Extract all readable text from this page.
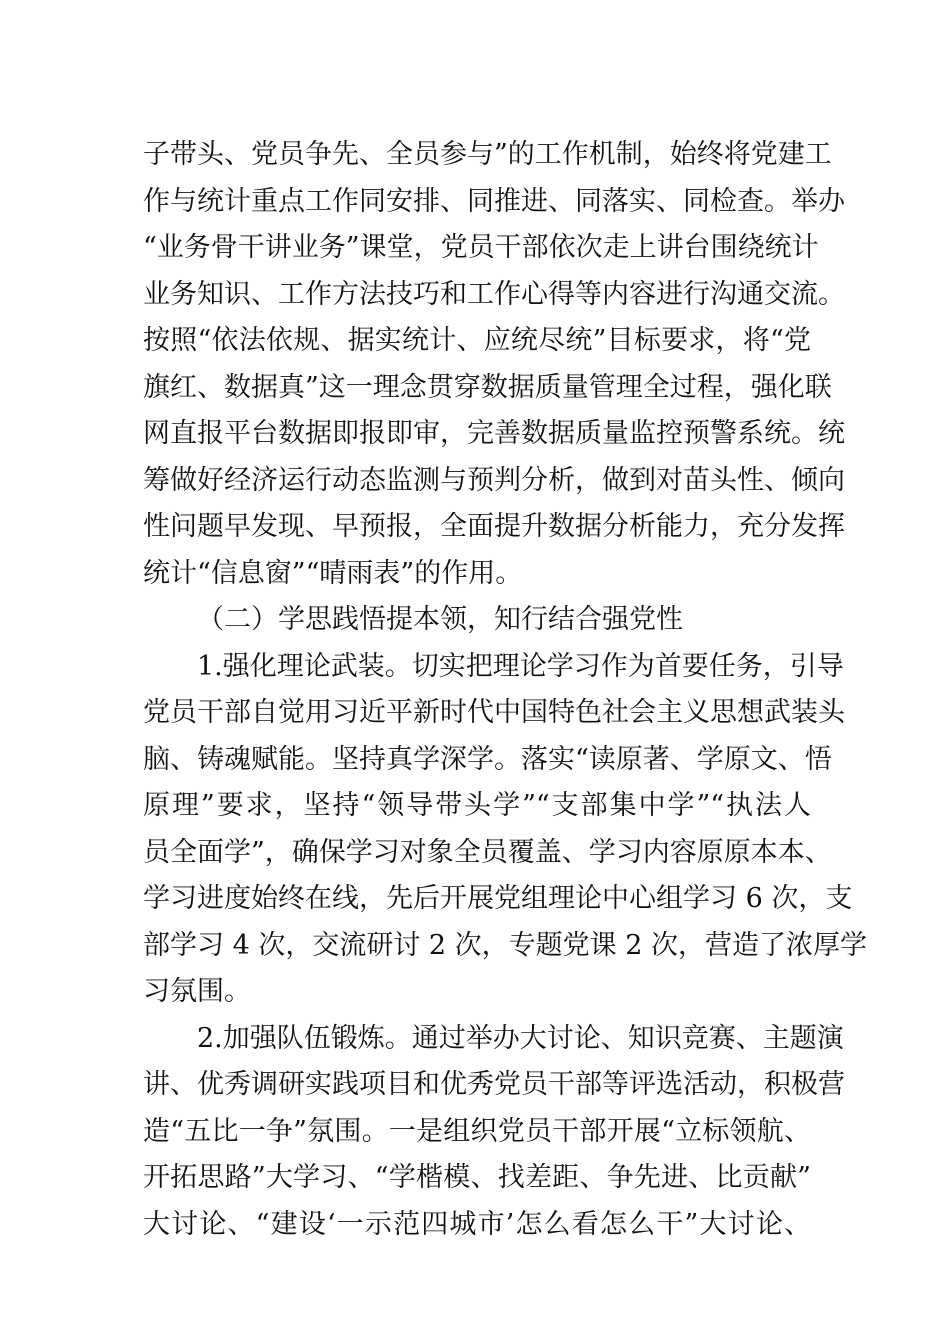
子带头、党员争先、全员参与”的工作机制，始终将党建工
作与统计重点工作同安排、同推进、同落实、同检查。举办
“业务骨干讲业务”课堂，党员干部依次走上讲台围绕统计
业务知识、工作方法技巧和工作心得等内容进行沟通交流。
按照“依法依规、据实统计、应统尽统”目标要求，将“党
旗红、数据真”这一理念贯穿数据质量管理全过程，强化联
网直报平台数据即报即审，完善数据质量监控预警系统。统
筹做好经济运行动态监测与预判分析，做到对苗头性、倾向
性问题早发现、早预报，全面提升数据分析能力，充分发挥
统计“信息窗”“晴雨表”的作用。
（二）学思践悟提本领，知行结合强党性
1.强化理论武装。切实把理论学习作为首要任务，引导
党员干部自觉用习近平新时代中国特色社会主义思想武装头
脑、铸魂赋能。坚持真学深学。落实“读原著、学原文、悟
原理”要求，坚持“领导带头学”“支部集中学”“执法人
员全面学”，确保学习对象全员覆盖、学习内容原原本本、
学习进度始终在线，先后开展党组理论中心组学习 6 次，支
部学习 4 次，交流研讨 2 次，专题党课 2 次，营造了浓厚学
习氛围。
2.加强队伍锻炼。通过举办大讨论、知识竞赛、主题演
讲、优秀调研实践项目和优秀党员干部等评选活动，积极营
造“五比一争”氛围。一是组织党员干部开展“立标领航、
开拓思路”大学习、“学楷模、找差距、争先进、比贡献”
大讨论、“建设‘一示范四城市’怎么看怎么干”大讨论、
